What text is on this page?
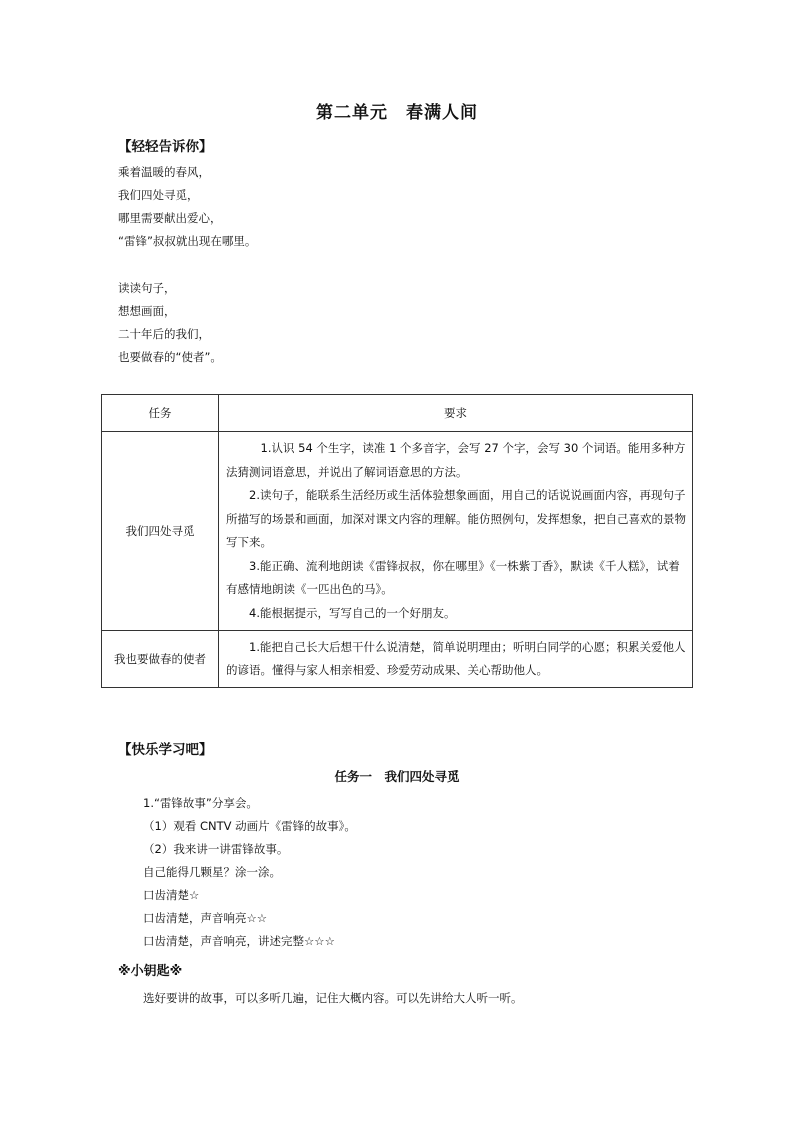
第二单元　春满人间
【轻轻告诉你】
乘着温暖的春风，
我们四处寻觅，
哪里需要献出爱心，
“雷锋”叔叔就出现在哪里。
读读句子，
想想画面，
二十年后的我们，
也要做春的“使者”。
任务	要求
我们四处寻觅	1.认识 54 个生字，读准 1 个多音字，会写 27 个字，会写 30 个词语。能用多种方法猜测词语意思，并说出了解词语意思的方法。
2.读句子，能联系生活经历或生活体验想象画面，用自己的话说说画面内容，再现句子所描写的场景和画面，加深对课文内容的理解。能仿照例句，发挥想象，把自己喜欢的景物写下来。
3.能正确、流利地朗读《雷锋叔叔，你在哪里》《一株紫丁香》，默读《千人糕》，试着有感情地朗读《一匹出色的马》。
4.能根据提示，写写自己的一个好朋友。

我也要做春的使者	1.能把自己长大后想干什么说清楚，简单说明理由；听明白同学的心愿；积累关爱他人的谚语。懂得与家人相亲相爱、珍爱劳动成果、关心帮助他人。
【快乐学习吧】
任务一　我们四处寻觅
1.“雷锋故事”分享会。
（1）观看 CNTV 动画片《雷锋的故事》。
（2）我来讲一讲雷锋故事。
自己能得几颗星？涂一涂。
口齿清楚☆
口齿清楚，声音响亮☆☆
口齿清楚，声音响亮，讲述完整☆☆☆
※小钥匙※
选好要讲的故事，可以多听几遍，记住大概内容。可以先讲给大人听一听。
